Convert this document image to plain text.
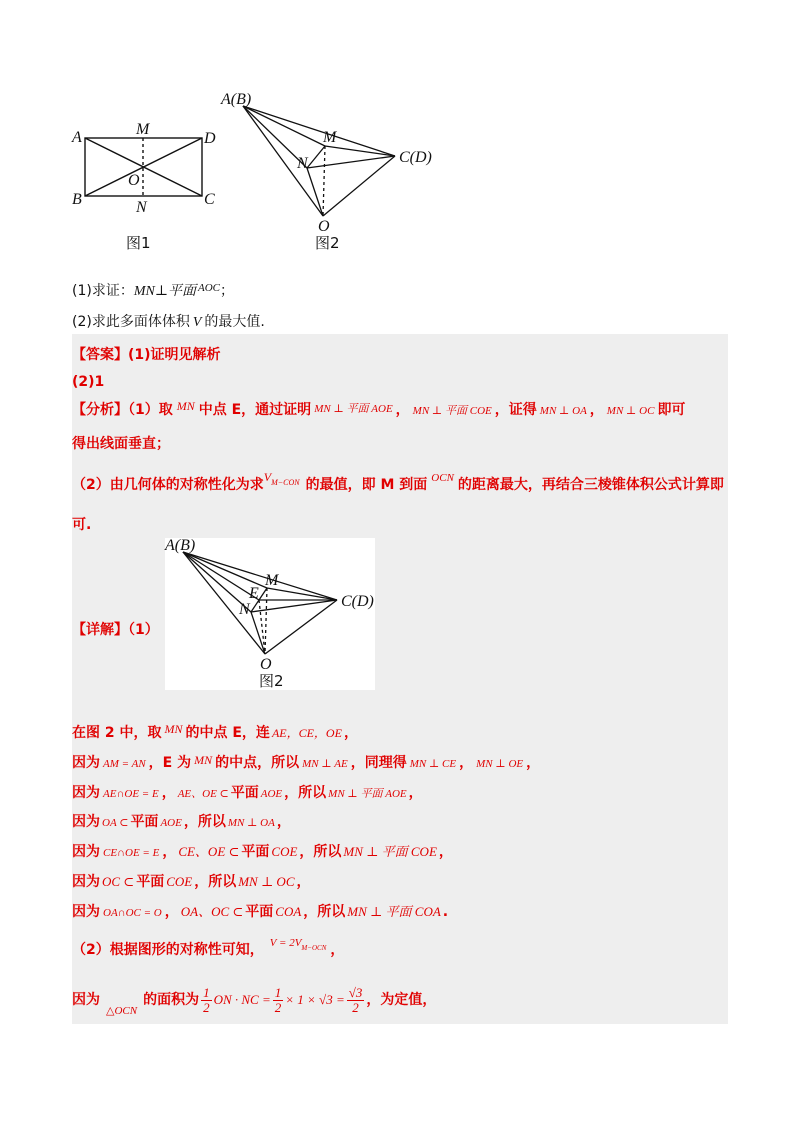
A	M
D
O
B	N	C
图1
A(B)
M
N	C(D)
O
图2
(1)求证：MN⊥平面 $^{AOC}$；
(2)求此多面体体积 V 的最大值.
【答案】(1)证明见解析
(2)1
【分析】（1）取 MN 中点 E，通过证明 MN ⊥ 平面 AOE ， MN ⊥ 平面 COE ，证得 MN ⊥ OA ， MN ⊥ OC 即可
得出线面垂直；
（2）由几何体的对称性化为求$V^{M-CON}$ 的最值，即 M 到面 $^{OCN}$ 的距离最大，再结合三棱锥体积公式计算即
可.
A(B)
M
E
N	C(D)
O
图2
【详解】（1）
在图 2 中，取 MN 的中点 E，连 AE，CE，OE ，
因为 AM = AN ，E 为 MN 的中点，所以 MN ⊥ AE ，同理得 MN ⊥ CE ， MN ⊥ OE ，
因为 AE∩OE = E ， AE、OE ⊂ 平面 AOE ，所以 MN ⊥ 平面 AOE ，
因为 OA ⊂ 平面 AOE ，所以 MN ⊥ OA ，
因为 CE∩OE = E ， CE、OE ⊂ 平面 COE ，所以 MN ⊥ 平面 COE ，
因为 OC ⊂ 平面 COE ，所以 MN ⊥ OC ，
因为 OA∩OC = O ， OA、OC ⊂ 平面 COA ，所以 MN ⊥ 平面 COA .
（2）根据图形的对称性可知， $^{V = 2VM-OCN}$ ，
因为$_{\triangle OCN}$的面积为 $\frac{1}{2}$ ON · NC = $\frac{1}{2} \times 1 \times √3 = \frac{√3}{2}$ ，为定值，
